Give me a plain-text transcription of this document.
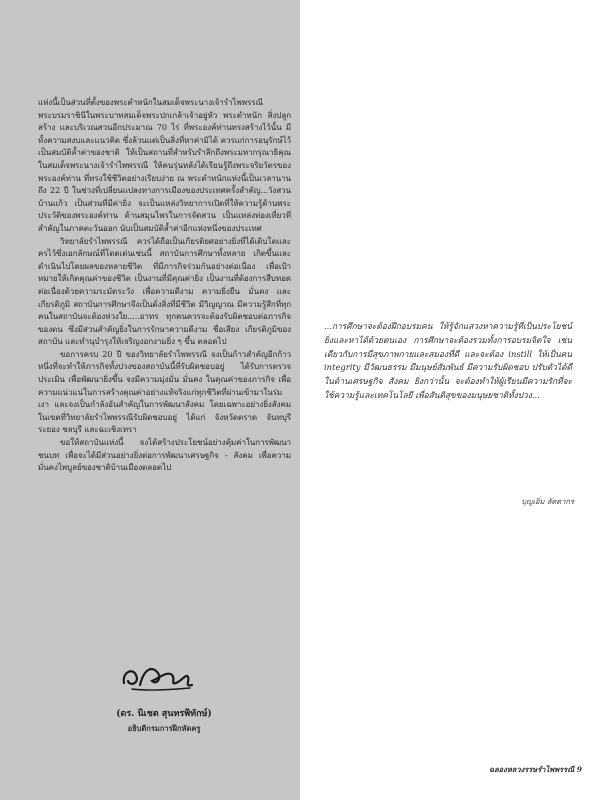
แห่งนี้เป็นส่วนที่ตั้งของพระตำหนักในสมเด็จพระนางเจ้ารำไพพรรณี พระบรมราชินีในพระบาทสมเด็จพระปกเกล้าเจ้าอยู่หัว พระตำหนัก สิ่งปลูกสร้าง และบริเวณสวนอีกประมาณ 70 ไร่ ที่พระองค์ท่านทรงสร้างไว้นั้น มีทั้งความสงบและแนวคิด ซึ่งล้วนแต่เป็นสิ่งที่หาค่ามิได้ ควรแก่การอนุรักษ์ไว้เป็นสมบัติล้ำค่าของชาติ ให้เป็นสถานที่สำหรับรำลึกถึงพระมหากรุณาธิคุณในสมเด็จพระนางเจ้ารำไพพรรณี ให้คนรุ่นหลังได้เรียนรู้ถึงพระจริยวัตรของพระองค์ท่าน ที่ทรงใช้ชีวิตอย่างเรียบง่าย ณ พระตำหนักแห่งนี้เป็นเวลานานถึง 22 ปี ในช่วงที่เปลี่ยนแปลงทางการเมืองของประเทศครั้งสำคัญ...วังสวนบ้านแก้ว เป็นส่วนที่มีค่ายิ่ง จะเป็นแหล่งวิทยาการเปิดที่ให้ความรู้ด้านพระประวัติของพระองค์ท่าน ด้านสมุนไพรในการจัดสวน เป็นแหล่งท่องเที่ยวที่สำคัญในภาคตะวันออก นับเป็นสมบัติล้ำค่าอีกแห่งหนึ่งของประเทศ

วิทยาลัยรำไพพรรณี ควรได้ถือเป็นเกียรติยศอย่างยิ่งที่ได้เติบโตและครไว้ซึ่งเอกลักษณ์ที่โดดเด่นเช่นนี้ สถาบันการศึกษาทั้งหลาย เกิดขึ้นและดำเนินไปโดยผลของหลายชีวิต ที่มีภารกิจร่วมกันอย่างต่อเนื่อง เพื่อเป้าหมายให้เกิดคุณค่าของชีวิต เป็นงานที่มีคุณค่ายิ่ง เป็นงานที่ต้องการสืบทอด ต่อเนื่องด้วยความระมัดระวัง เพื่อความดีงาม ความยิ่งยืน มั่นคง และเกียรติภูมิ สถาบันการศึกษาจึงเป็นดั่งสิ่งที่มีชีวิต มีวิญญาณ มีความรู้สึกที่ทุกคนในสถาบันจะต้องห่วงใย.....อาทร ทุกคนควรจะต้องรับผิดชอบต่อภารกิจของตน ซึ่งมีส่วนสำคัญยิ่งในการรักษาความดีงาม ชื่อเสียง เกียรติภูมิของสถาบัน และทำนุบำรุงให้เจริญงอกงามยิ่ง ๆ ขึ้น ตลอดไป

ขอการครบ 20 ปี ของวิทยาลัยรำไพพรรณี จงเป็นก้าวสำคัญอีกก้าวหนึ่งที่จะทำให้ภารกิจทั้งปวงของสถาบันนี้ที่รับผิดชอบอยู่ ได้รับการตรวจ ประเมิน เพื่อพัฒนายิ่งขึ้น จงมีความมุ่งมั่น มั่นคง ในคุณค่าของภารกิจ เพื่อความแน่วแน่ในการสร้างคุณค่าอย่างแท้จริงแก่ทุกชีวิตที่ผ่านเข้ามาในร่มเงา และจงเป็นกำลังอันสำคัญในการพัฒนาสังคม โดยเฉพาะอย่างยิ่งสังคมในเขตที่วิทยาลัยรำไพพรรณีรับผิดชอบอยู่ ได้แก่ จังหวัดตราด จันทบุรี ระยอง ชลบุรี และฉะเชิงเทรา

ขอให้สถาบันแห่งนี้ จงได้สร้างประโยชน์อย่างคุ้มค่าในการพัฒนาชนบท เพื่อจะได้มีส่วนอย่างยิ่งต่อการพัฒนาเศรษฐกิจ - สังคม เพื่อความมั่นคงไพบูลย์ของชาติบ้านเมืองตลอดไป

(ดร. นิเชต สุนทรพิทักษ์)
อธิบดีกรมการฝึกหัดครู
...การศึกษาจะต้องฝึกอบรมคน ให้รู้จักแสวงหาความรู้ที่เป็นประโยชน์ยิ่งและหาได้ด้วยตนเอง การศึกษาจะต้องรวมทั้งการอบรมจิตใจ เช่นเดียวกับการมีสุขภาพกายและสมองที่ดี และจะต้อง instill ให้เป็นคน integrity มีวัฒนธรรม มีมนุษย์สัมพันธ์ มีความรับผิดชอบ ปรับตัวได้ดีในด้านเศรษฐกิจ สังคม ยิ่งกว่านั้น จะต้องทำให้ผู้เรียนมีความรักที่จะใช้ความรู้และเทคโนโลยี เพื่อสันติสุขของมนุษยชาติทั้งปวง...
บุญเอิ่ม ลัดดากร
ฉลองหลวงรรษรำไพพรรณี 9
